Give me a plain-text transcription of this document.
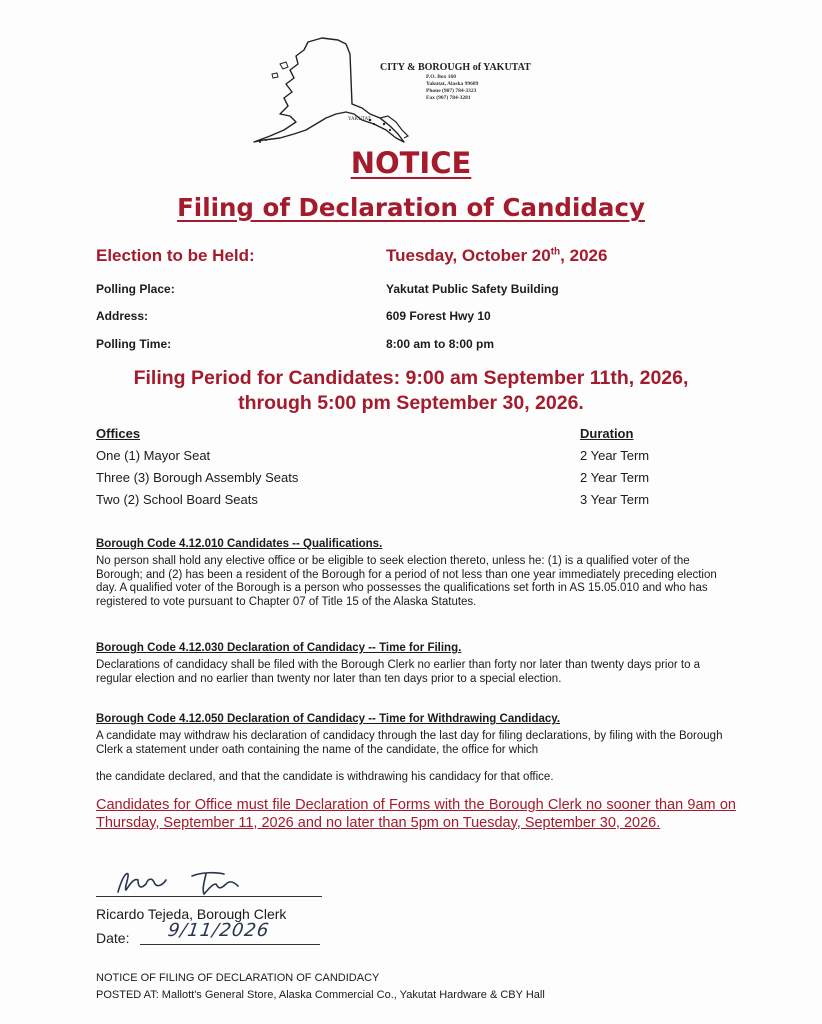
YAKUTAT
CITY & BOROUGH of YAKUTAT
P.O. Box 160
Yakutat, Alaska 99689
Phone (907) 784-3323
Fax (907) 784-3281
NOTICE
Filing of Declaration of Candidacy
Election to be Held:	Tuesday, October 20th, 2026
Polling Place:	Yakutat Public Safety Building
Address:	609 Forest Hwy 10
Polling Time:	8:00 am to 8:00 pm
Filing Period for Candidates: 9:00 am September 11th, 2026,
through 5:00 pm September 30, 2026.
Offices	Duration
One (1) Mayor Seat	2 Year Term
Three (3) Borough Assembly Seats	2 Year Term
Two (2) School Board Seats	3 Year Term
Borough Code 4.12.010 Candidates -- Qualifications.
No person shall hold any elective office or be eligible to seek election thereto, unless he: (1) is a qualified voter of the Borough; and (2) has been a resident of the Borough for a period of not less than one year immediately preceding election day. A qualified voter of the Borough is a person who possesses the qualifications set forth in AS 15.05.010 and who has registered to vote pursuant to Chapter 07 of Title 15 of the Alaska Statutes.
Borough Code 4.12.030 Declaration of Candidacy -- Time for Filing.
Declarations of candidacy shall be filed with the Borough Clerk no earlier than forty nor later than twenty days prior to a regular election and no earlier than twenty nor later than ten days prior to a special election.
Borough Code 4.12.050 Declaration of Candidacy -- Time for Withdrawing Candidacy.
A candidate may withdraw his declaration of candidacy through the last day for filing declarations, by filing with the Borough Clerk a statement under oath containing the name of the candidate, the office for which
the candidate declared, and that the candidate is withdrawing his candidacy for that office.
Candidates for Office must file Declaration of Forms with the Borough Clerk no sooner than 9am on Thursday, September 11, 2026 and no later than 5pm on Tuesday, September 30, 2026.
Ricardo Tejeda, Borough Clerk
Date: 9/11/2026
NOTICE OF FILING OF DECLARATION OF CANDIDACY
POSTED AT: Mallott's General Store, Alaska Commercial Co., Yakutat Hardware & CBY Hall
